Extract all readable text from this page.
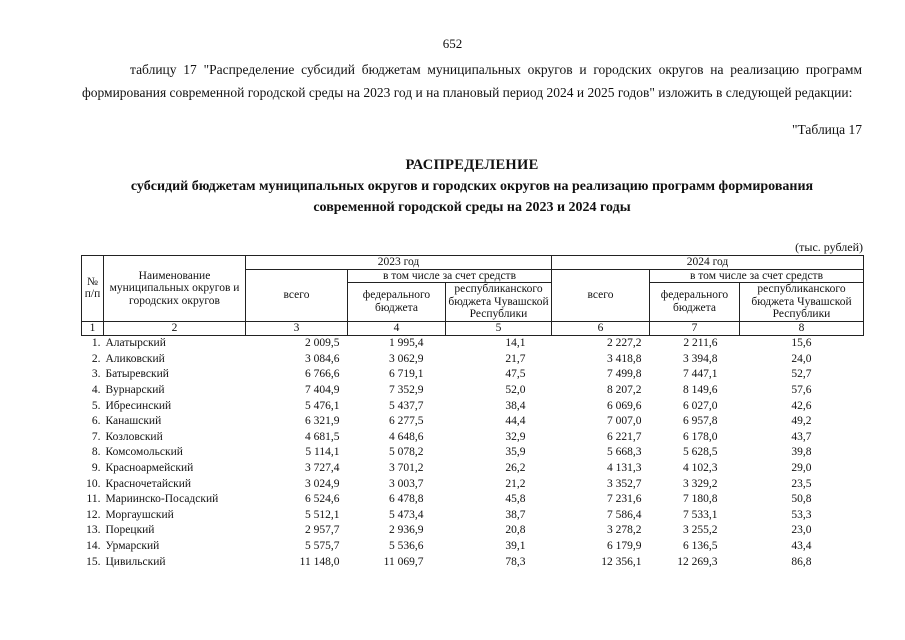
652
таблицу 17 "Распределение субсидий бюджетам муниципальных округов и городских округов на реализацию программ формирования современной городской среды на 2023 год и на плановый период 2024 и 2025 годов" изложить в следующей редакции:
"Таблица 17
РАСПРЕДЕЛЕНИЕ
субсидий бюджетам муниципальных округов и городских округов на реализацию программ формирования
современной городской среды на 2023 и 2024 годы
(тыс. рублей)
№ п/п	Наименование муниципальных округов и городских округов	2023 год			2024 год		
		всего	в том числе за счет средств		всего	в том числе за счет средств	
			федерального бюджета	республиканского бюджета Чувашской Республики		федерального бюджета	республиканского бюджета Чувашской Республики
1	2	3	4	5	6	7	8
1.	Алатырский	2 009,5	1 995,4	14,1	2 227,2	2 211,6	15,6
2.	Аликовский	3 084,6	3 062,9	21,7	3 418,8	3 394,8	24,0
3.	Батыревский	6 766,6	6 719,1	47,5	7 499,8	7 447,1	52,7
4.	Вурнарский	7 404,9	7 352,9	52,0	8 207,2	8 149,6	57,6
5.	Ибресинский	5 476,1	5 437,7	38,4	6 069,6	6 027,0	42,6
6.	Канашский	6 321,9	6 277,5	44,4	7 007,0	6 957,8	49,2
7.	Козловский	4 681,5	4 648,6	32,9	6 221,7	6 178,0	43,7
8.	Комсомольский	5 114,1	5 078,2	35,9	5 668,3	5 628,5	39,8
9.	Красноармейский	3 727,4	3 701,2	26,2	4 131,3	4 102,3	29,0
10.	Красночетайский	3 024,9	3 003,7	21,2	3 352,7	3 329,2	23,5
11.	Мариинско-Посадский	6 524,6	6 478,8	45,8	7 231,6	7 180,8	50,8
12.	Моргаушский	5 512,1	5 473,4	38,7	7 586,4	7 533,1	53,3
13.	Порецкий	2 957,7	2 936,9	20,8	3 278,2	3 255,2	23,0
14.	Урмарский	5 575,7	5 536,6	39,1	6 179,9	6 136,5	43,4
15.	Цивильский	11 148,0	11 069,7	78,3	12 356,1	12 269,3	86,8
